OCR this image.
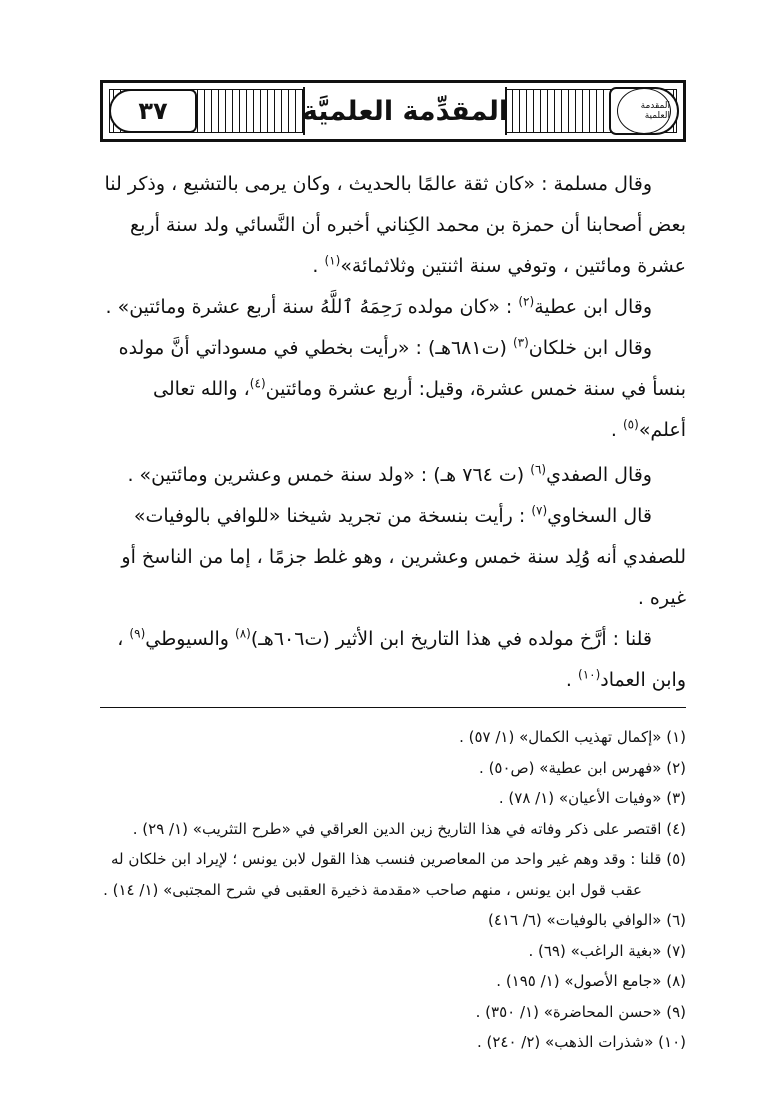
المقدِّمة العلميَّة
٣٧	المقدمة العلمية

وقال مسلمة : «كان ثقة عالمًا بالحديث ، وكان يرمى بالتشيع ، وذكر لنا
بعض أصحابنا أن حمزة بن محمد الكِناني أخبره أن النَّسائي ولد سنة أربع
عشرة ومائتين ، وتوفي سنة اثنتين وثلاثمائة»$^{(١)}$ .

وقال ابن عطية$^{(٢)}$ : «كان مولده رَحِمَهُ ٱللَّهُ سنة أربع عشرة ومائتين» .

وقال ابن خلكان$^{(٣)}$ (ت٦٨١هـ) : «رأيت بخطي في مسوداتي أنَّ مولده
بنسأ في سنة خمس عشرة، وقيل: أربع عشرة ومائتين$^{(٤)}$، والله تعالى
أعلم»$^{(٥)}$ .

وقال الصفدي$^{(٦)}$ (ت ٧٦٤ هـ) : «ولد سنة خمس وعشرين ومائتين» .

قال السخاوي$^{(٧)}$ : رأيت بنسخة من تجريد شيخنا «للوافي بالوفيات»
للصفدي أنه وُلِد سنة خمس وعشرين ، وهو غلط جزمًا ، إما من الناسخ أو
غيره .

قلنا : أرَّخ مولده في هذا التاريخ ابن الأثير (ت٦٠٦هـ)$^{(٨)}$ والسيوطي$^{(٩)}$ ،
وابن العماد$^{(١٠)}$ .

(١) «إكمال تهذيب الكمال» (١/ ٥٧) .

(٢) «فهرس ابن عطية» (ص٥٠) .

(٣) «وفيات الأعيان» (١/ ٧٨) .

(٤) اقتصر على ذكر وفاته في هذا التاريخ زين الدين العراقي في «طرح التثريب» (١/ ٢٩) .

(٥) قلنا : وقد وهم غير واحد من المعاصرين فنسب هذا القول لابن يونس ؛ لإيراد ابن خلكان له

عقب قول ابن يونس ، منهم صاحب «مقدمة ذخيرة العقبى في شرح المجتبى» (١/ ١٤) .

(٦) «الوافي بالوفيات» (٦/ ٤١٦)

(٧) «بغية الراغب» (٦٩) .

(٨) «جامع الأصول» (١/ ١٩٥) .

(٩) «حسن المحاضرة» (١/ ٣٥٠) .

(١٠) «شذرات الذهب» (٢/ ٢٤٠) .
